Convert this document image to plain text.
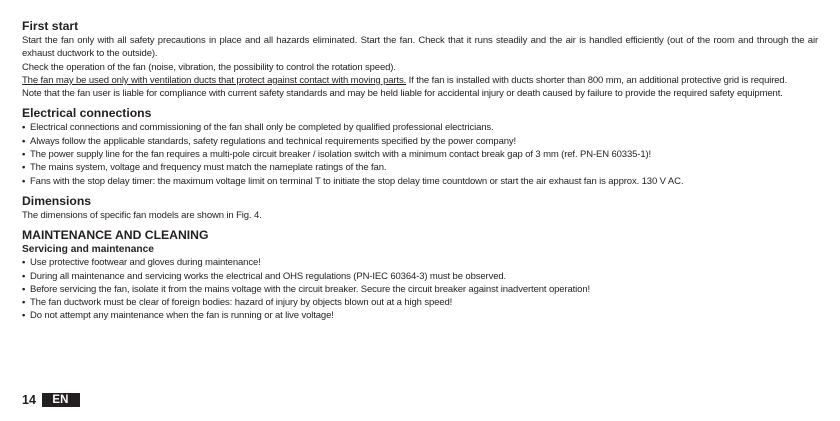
First start

Start the fan only with all safety precautions in place and all hazards eliminated. Start the fan. Check that it runs steadily and the air is handled efficiently (out of the room and through the air exhaust ductwork to the outside).

Check the operation of the fan (noise, vibration, the possibility to control the rotation speed).

The fan may be used only with ventilation ducts that protect against contact with moving parts. If the fan is installed with ducts shorter than 800 mm, an additional protective grid is required.

Note that the fan user is liable for compliance with current safety standards and may be held liable for accidental injury or death caused by failure to provide the required safety equipment.

Electrical connections
• Electrical connections and commissioning of the fan shall only be completed by qualified professional electricians.
• Always follow the applicable standards, safety regulations and technical requirements specified by the power company!
• The power supply line for the fan requires a multi-pole circuit breaker / isolation switch with a minimum contact break gap of 3 mm (ref. PN-EN 60335-1)!
• The mains system, voltage and frequency must match the nameplate ratings of the fan.
• Fans with the stop delay timer: the maximum voltage limit on terminal T to initiate the stop delay time countdown or start the air exhaust fan is approx. 130 V AC.
Dimensions

The dimensions of specific fan models are shown in Fig. 4.

MAINTENANCE AND CLEANING
Servicing and maintenance
• Use protective footwear and gloves during maintenance!
• During all maintenance and servicing works the electrical and OHS regulations (PN-IEC 60364-3) must be observed.
• Before servicing the fan, isolate it from the mains voltage with the circuit breaker. Secure the circuit breaker against inadvertent operation!
• The fan ductwork must be clear of foreign bodies: hazard of injury by objects blown out at a high speed!
• Do not attempt any maintenance when the fan is running or at live voltage!
14	EN
